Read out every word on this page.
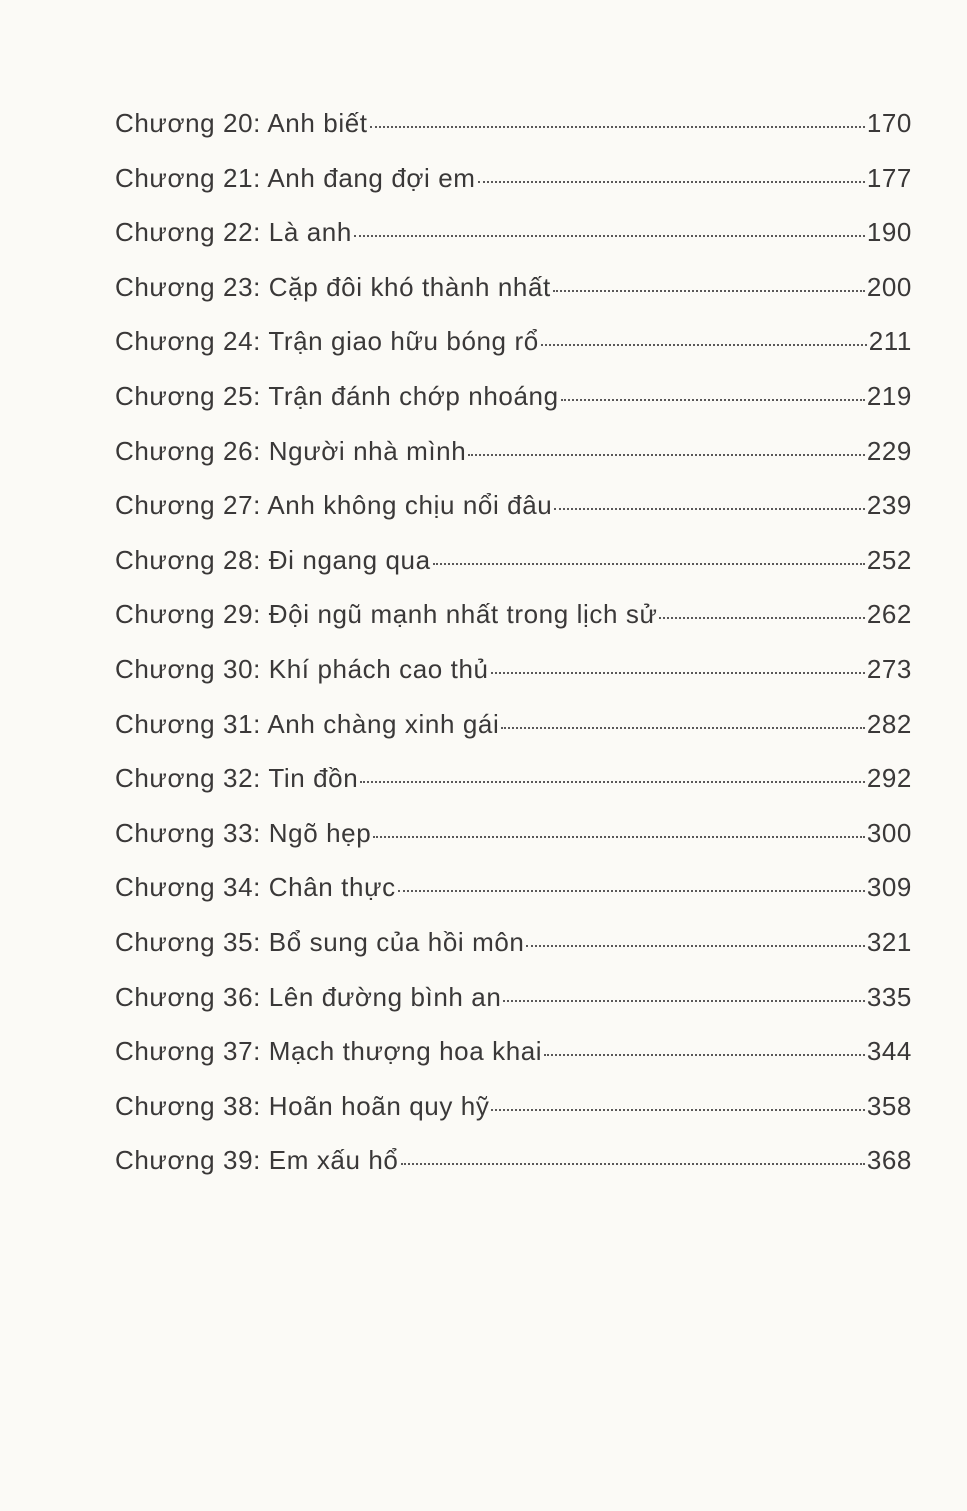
Chương 20: Anh biết	170
Chương 21: Anh đang đợi em	177
Chương 22: Là anh	190
Chương 23: Cặp đôi khó thành nhất	200
Chương 24: Trận giao hữu bóng rổ	211
Chương 25: Trận đánh chớp nhoáng	219
Chương 26: Người nhà mình	229
Chương 27: Anh không chịu nổi đâu	239
Chương 28: Đi ngang qua	252
Chương 29: Đội ngũ mạnh nhất trong lịch sử	262
Chương 30: Khí phách cao thủ	273
Chương 31: Anh chàng xinh gái	282
Chương 32: Tin đồn	292
Chương 33: Ngõ hẹp	300
Chương 34: Chân thực	309
Chương 35: Bổ sung của hồi môn	321
Chương 36: Lên đường bình an	335
Chương 37: Mạch thượng hoa khai	344
Chương 38: Hoãn hoãn quy hỹ	358
Chương 39: Em xấu hổ	368
